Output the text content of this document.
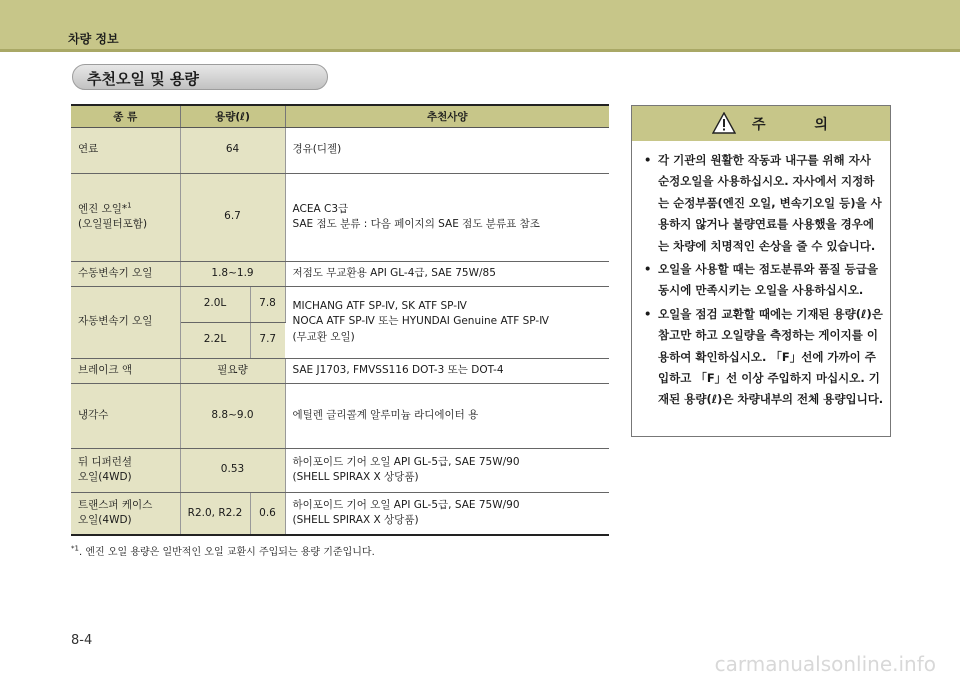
차량 정보
추천오일 및 용량
종 류	용량(ℓ)		추천사양
연료	64		경유(디젤)
엔진 오일*$^1$
(오일필터포함)	6.7		ACEA C3급
SAE 점도 분류 : 다음 페이지의 SAE 점도 분류표 참조
수동변속기 오일	1.8~1.9		저점도 무교환용 API GL-4급, SAE 75W/85
자동변속기 오일	2.0L	7.8	MICHANG ATF SP-Ⅳ, SK ATF SP-Ⅳ
NOCA ATF SP-Ⅳ 또는 HYUNDAI Genuine ATF SP-Ⅳ
(무교환 오일)
	2.2L	7.7	
브레이크 액	필요량		SAE J1703, FMVSS116 DOT-3 또는 DOT-4
냉각수	8.8~9.0		에틸렌 글리콜계 알루미늄 라디에이터 용
뒤 디퍼런셜
오일(4WD)	0.53		하이포이드 기어 오일 API GL-5급, SAE 75W/90
(SHELL SPIRAX X 상당품)
트랜스퍼 케이스
오일(4WD)	R2.0, R2.2	0.6	하이포이드 기어 오일 API GL-5급, SAE 75W/90
(SHELL SPIRAX X 상당품)
$^{*1}$. 엔진 오일 용량은 일반적인 오일 교환시 주입되는 용량 기준입니다.
주 의
• 각 기관의 원활한 작동과 내구를 위해 자사 순정오일을 사용하십시오. 자사에서 지정하는 순정부품(엔진 오일, 변속기오일 등)을 사용하지 않거나 불량연료를 사용했을 경우에는 차량에 치명적인 손상을 줄 수 있습니다.
• 오일을 사용할 때는 점도분류와 품질 등급을 동시에 만족시키는 오일을 사용하십시오.
• 오일을 점검 교환할 때에는 기재된 용량(ℓ)은 참고만 하고 오일량을 측정하는 게이지를 이용하여 확인하십시오. 「F」선에 가까이 주입하고 「F」선 이상 주입하지 마십시오. 기재된 용량(ℓ)은 차량내부의 전체 용량입니다.
8-4
carmanualsonline.info
